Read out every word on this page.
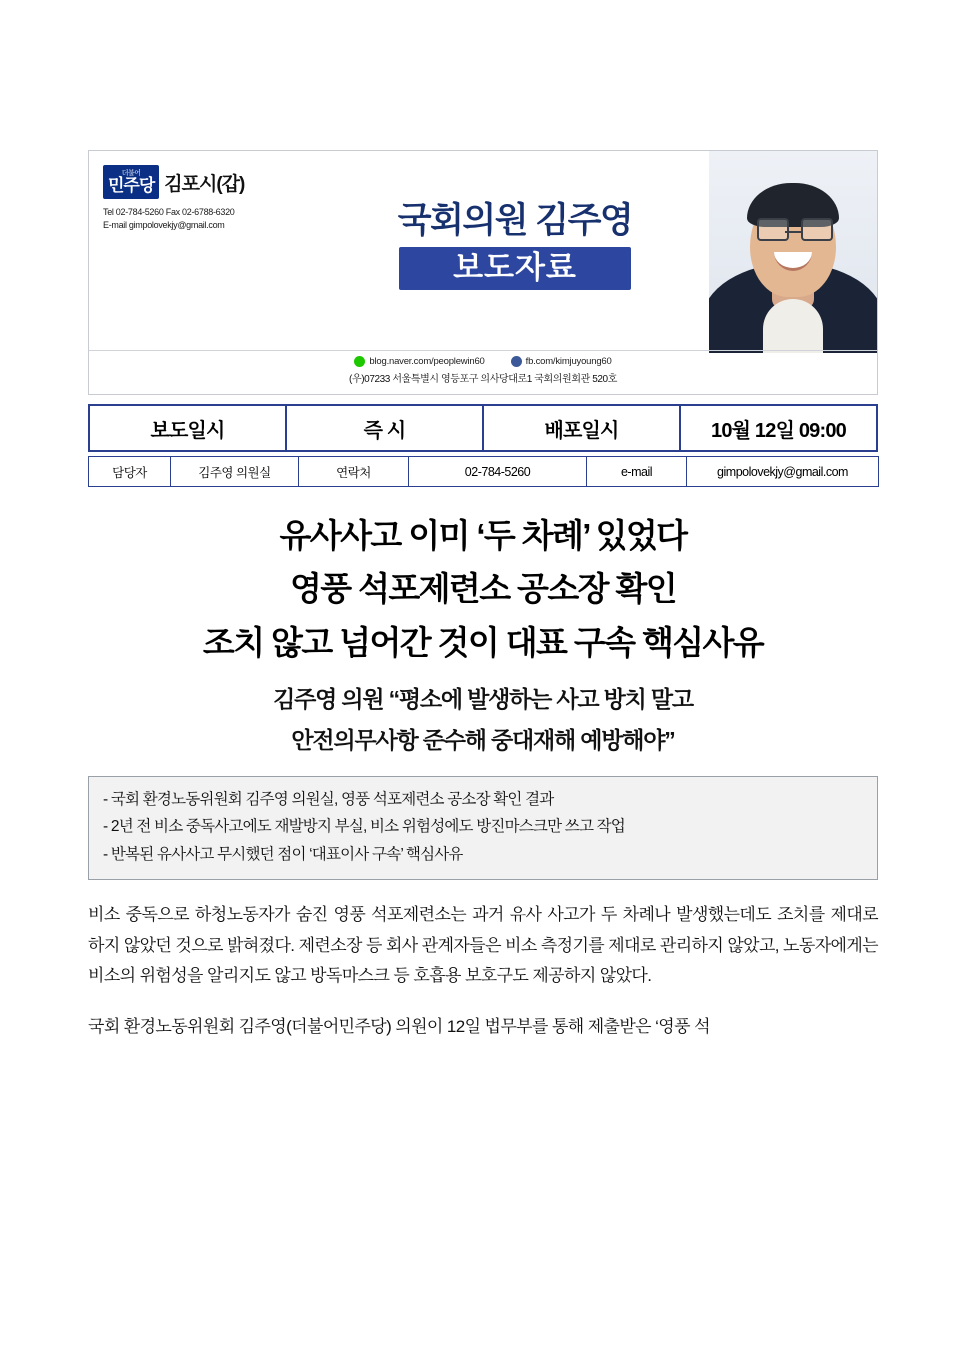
더불어
민주당 김포시(갑)
Tel 02-784-5260 Fax 02-6788-6320
E-mail gimpolovekjy@gmail.com	국회의원 김주영
보도자료
blog.naver.com/peoplewin60	fb.com/kimjuyoung60
(우)07233 서울특별시 영등포구 의사당대로1 국회의원회관 520호
보도일시	즉 시	배포일시	10월 12일 09:00
담당자	김주영 의원실	연락처	02-784-5260	e-mail	gimpolovekjy@gmail.com
유사사고 이미 ‘두 차례’ 있었다
영풍 석포제련소 공소장 확인
조치 않고 넘어간 것이 대표 구속 핵심사유
김주영 의원 “평소에 발생하는 사고 방치 말고
안전의무사항 준수해 중대재해 예방해야”
- 국회 환경노동위원회 김주영 의원실, 영풍 석포제련소 공소장 확인 결과
- 2년 전 비소 중독사고에도 재발방지 부실, 비소 위험성에도 방진마스크만 쓰고 작업
- 반복된 유사사고 무시했던 점이 ‘대표이사 구속’ 핵심사유

비소 중독으로 하청노동자가 숨진 영풍 석포제련소는 과거 유사 사고가 두 차례나 발생했는데도 조치를 제대로 하지 않았던 것으로 밝혀졌다. 제련소장 등 회사 관계자들은 비소 측정기를 제대로 관리하지 않았고, 노동자에게는 비소의 위험성을 알리지도 않고 방독마스크 등 호흡용 보호구도 제공하지 않았다.

국회 환경노동위원회 김주영(더불어민주당) 의원이 12일 법무부를 통해 제출받은 ‘영풍 석
